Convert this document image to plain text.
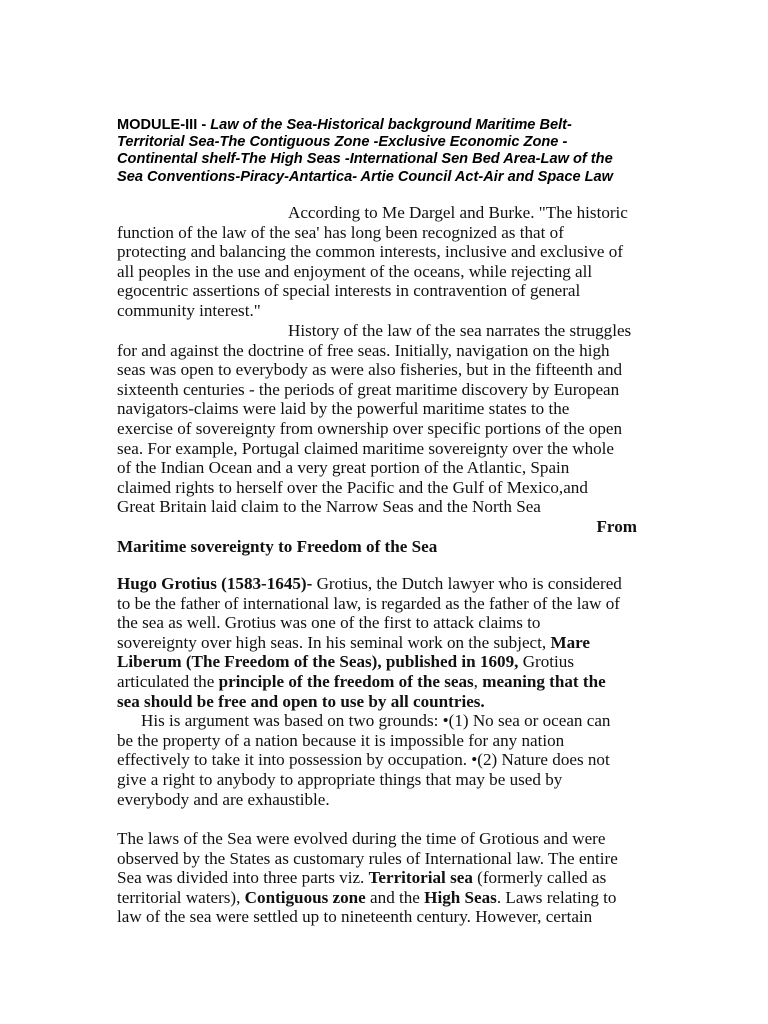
MODULE-III - Law of the Sea-Historical background Maritime Belt-
Territorial Sea-The Contiguous Zone -Exclusive Economic Zone -
Continental shelf-The High Seas -International Sen Bed Area-Law of the
Sea Conventions-Piracy-Antartica- Artie Council Act-Air and Space Law
According to Me Dargel and Burke. "The historic
function of the law of the sea' has long been recognized as that of
protecting and balancing the common interests, inclusive and exclusive of
all peoples in the use and enjoyment of the oceans, while rejecting all
egocentric assertions of special interests in contravention of general
community interest."
History of the law of the sea narrates the struggles
for and against the doctrine of free seas. Initially, navigation on the high
seas was open to everybody as were also fisheries, but in the fifteenth and
sixteenth centuries - the periods of great maritime discovery by European
navigators-claims were laid by the powerful maritime states to the
exercise of sovereignty from ownership over specific portions of the open
sea. For example, Portugal claimed maritime sovereignty over the whole
of the Indian Ocean and a very great portion of the Atlantic, Spain
claimed rights to herself over the Pacific and the Gulf of Mexico,and
Great Britain laid claim to the Narrow Seas and the North Sea
From
Maritime sovereignty to Freedom of the Sea
Hugo Grotius (1583-1645)- Grotius, the Dutch lawyer who is considered
to be the father of international law, is regarded as the father of the law of
the sea as well. Grotius was one of the first to attack claims to
sovereignty over high seas. In his seminal work on the subject, Mare
Liberum (The Freedom of the Seas), published in 1609, Grotius
articulated the principle of the freedom of the seas, meaning that the
sea should be free and open to use by all countries.
His is argument was based on two grounds: •(1) No sea or ocean can
be the property of a nation because it is impossible for any nation
effectively to take it into possession by occupation. •(2) Nature does not
give a right to anybody to appropriate things that may be used by
everybody and are exhaustible.
The laws of the Sea were evolved during the time of Grotious and were
observed by the States as customary rules of International law. The entire
Sea was divided into three parts viz. Territorial sea (formerly called as
territorial waters), Contiguous zone and the High Seas. Laws relating to
law of the sea were settled up to nineteenth century. However, certain
